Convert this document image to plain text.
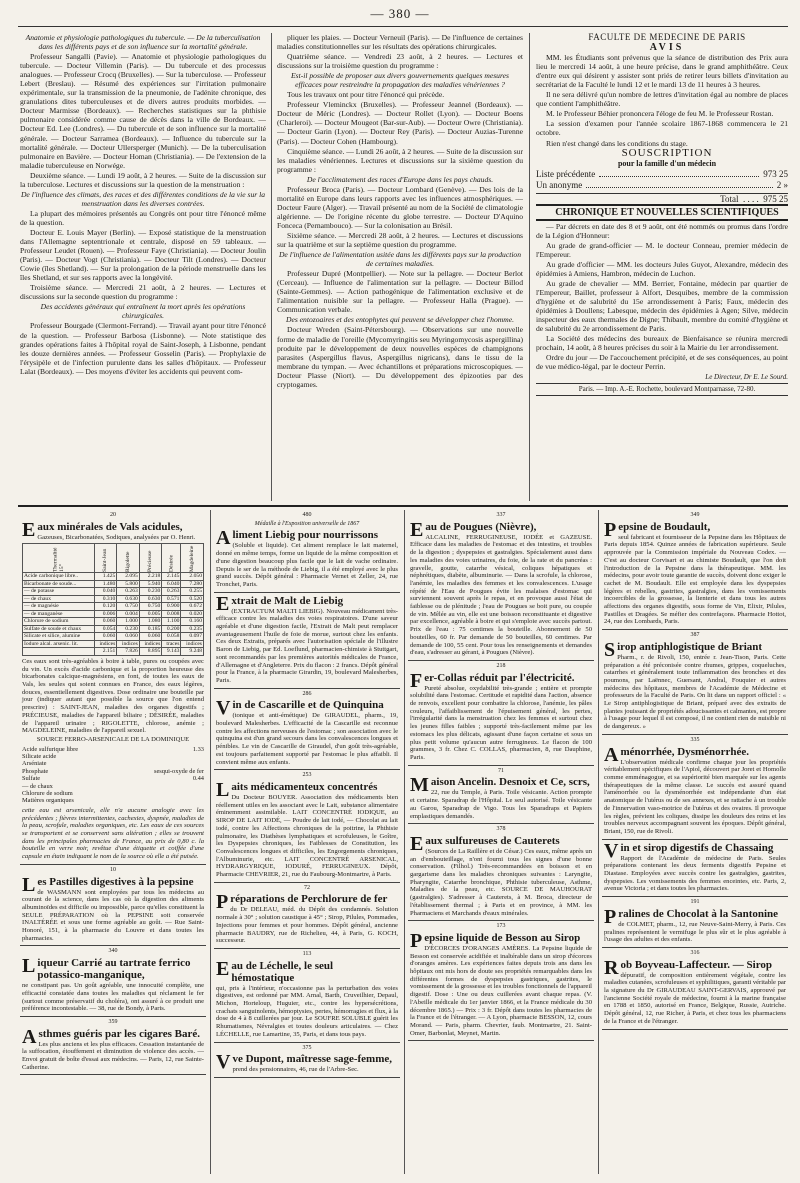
— 380 —

Anatomie et physiologie pathologiques du tubercule. — De la tuberculisation dans les différents pays et de son influence sur la mortalité générale.

Professeur Sangalli (Pavie). — Anatomie et physiologie pathologiques du tubercule. — Docteur Villemin (Paris). — Du tubercule et des processus analogues. — Professeur Crocq (Bruxelles). — Sur la tuberculose. — Professeur Lebert (Breslau). — Résumé des expériences sur l'irritation pulmonaire expérimentale, sur la transmission de la pneumonie, de l'adénite chronique, des granulations dites tuberculeuses et de divers autres produits morbides. — Docteur Marmisse (Bordeaux). — Recherches statistiques sur la phthisie pulmonaire considérée comme cause de décès dans la ville de Bordeaux. — Docteur Ed. Lee (Londres). — Du tubercule et de son influence sur la mortalité générale. — Docteur Sarramea (Bordeaux). — Influence du tubercule sur la mortalité générale. — Docteur Ullersperger (Munich). — De la tuberculisation pulmonaire en Bavière. — Docteur Homan (Christiania). — De l'extension de la maladie tuberculeuse en Norwége.

Deuxième séance. — Lundi 19 août, à 2 heures. — Suite de la discussion sur la tuberculose. Lectures et discussions sur la question de la menstruation :

De l'influence des climats, des races et des différentes conditions de la vie sur la menstruation dans les diverses contrées.

La plupart des mémoires présentés au Congrès ont pour titre l'énoncé même de la question.

Docteur E. Louis Mayer (Berlin). — Exposé statistique de la menstruation dans l'Allemagne septentrionale et centrale, disposé en 59 tableaux. — Professeur Leudet (Rouen). — Professeur Faye (Christiania). — Docteur Joulin (Paris). — Docteur Vogt (Christiania). — Docteur Tilt (Londres). — Docteur Cowie (îles Shetland). — Sur la prolongation de la période menstruelle dans les îles Shetland, et sur ses rapports avec la longévité.

Troisième séance. — Mercredi 21 août, à 2 heures. — Lectures et discussions sur la seconde question du programme :

Des accidents généraux qui entraînent la mort après les opérations chirurgicales.

Professeur Bourgade (Clermont-Ferrand). — Travail ayant pour titre l'énoncé de la question. — Professeur Barbosa (Lisbonne). — Note statistique des grandes opérations faites à l'hôpital royal de Saint-Joseph, à Lisbonne, pendant les douze dernières années. — Professeur Gosselin (Paris). — Prophylaxie de l'érysipèle et de l'infection purulente dans les salles d'hôpitaux. — Professeur Lalat (Bordeaux). — Des moyens d'éviter les accidents qui peuvent com-

pliquer les plaies. — Docteur Verneuil (Paris). — De l'influence de certaines maladies constitutionnelles sur les résultats des opérations chirurgicales.

Quatrième séance. — Vendredi 23 août, à 2 heures. — Lectures et discussions sur la troisième question du programme :

Est-il possible de proposer aux divers gouvernements quelques mesures efficaces pour restreindre la propagation des maladies vénériennes ?

Tous les travaux ont pour titre l'énoncé qui précède.

Professeur Vleminckx (Bruxelles). — Professeur Jeannel (Bordeaux). — Docteur de Méric (Londres). — Docteur Rollet (Lyon). — Docteur Boens (Charleroi). — Docteur Mougeot (Bar-sur-Aub). — Docteur Owre (Christiania). — Docteur Garin (Lyon). — Docteur Rey (Paris). — Docteur Auzias-Turenne (Paris). — Docteur Cohen (Hambourg).

Cinquième séance. — Lundi 26 août, à 2 heures. — Suite de la discussion sur les maladies vénériennes. Lectures et discussions sur la sixième question du programme :

De l'acclimatement des races d'Europe dans les pays chauds.

Professeur Broca (Paris). — Docteur Lombard (Genève). — Des lois de la mortalité en Europe dans leurs rapports avec les influences atmosphériques. — Docteur Faure (Alger). — Travail présenté au nom de la Société de climatologie algérienne. — De l'origine récente du globe terrestre. — Docteur D'Aquino Fonceca (Pernambouco). — Sur la colonisation au Brésil.

Sixième séance. — Mercredi 28 août, à 2 heures. — Lectures et discussions sur la quatrième et sur la septième question du programme.

De l'influence de l'alimentation usitée dans les différents pays sur la production de certaines maladies.

Professeur Dupré (Montpellier). — Note sur la pellagre. — Docteur Berlot (Cerceau). — Influence de l'alimentation sur la pellagre. — Docteur Billod (Sainte-Gemmes). — Action pathogénique de l'alimentation exclusive et de l'alimentation nuisible sur la pellagre. — Professeur Halla (Prague). — Communication verbale.

Des entozoaires et des entophytes qui peuvent se développer chez l'homme.

Docteur Wreden (Saint-Pétersbourg). — Observations sur une nouvelle forme de maladie de l'oreille (Mycomyringitis seu Myringomycosis aspergillina) produite par le développement de deux nouvelles espèces de champignons parasites (Aspergillus flavus, Aspergillus nigricans), dans le tissu de la membrane du tympan. — Avec échantillons et préparations microscopiques. — Docteur Plasse (Niort). — Du développement des épizooties par des cryptogames.

FACULTÉ DE MÉDECINE DE PARIS

AVIS

MM. les Étudiants sont prévenus que la séance de distribution des Prix aura lieu le mercredi 14 août, à une heure précise, dans le grand amphithéâtre. Ceux d'entre eux qui désirent y assister sont priés de retirer leurs billets d'invitation au secrétariat de la Faculté le lundi 12 et le mardi 13 de 11 heures à 3 heures.

Il ne sera délivré qu'un nombre de lettres d'invitation égal au nombre de places que contient l'amphithéâtre.

M. le Professeur Béhier prononcera l'éloge de feu M. le Professeur Rostan.

La session d'examen pour l'année scolaire 1867-1868 commencera le 21 octobre.

Rien n'est changé dans les conditions du stage.

SOUSCRIPTION

pour la famille d'un médecin

Liste précédente	973 25
Un anonyme	2 »
Total  . . . .  975 25

CHRONIQUE ET NOUVELLES SCIENTIFIQUES

— Par décrets en date des 8 et 9 août, ont été nommés ou promus dans l'ordre de la Légion d'Honneur:

Au grade de grand-officier — M. le docteur Conneau, premier médecin de l'Empereur.

Au grade d'officier — MM. les docteurs Jules Guyot, Alexandre, médecin des épidémies à Amiens, Hambron, médecin de Luchon.

Au grade de chevalier — MM. Berrier, Fontaine, médecin par quartier de l'Empereur, Baillet, professeur à Alfort, Desquibes, membre de la commission d'hygiène et de salubrité du 15e arrondissement à Paris; Faux, médecin des épidémies à Doullens; Labesque, médecin des épidémies à Agen; Silve, médecin inspecteur des eaux thermales de Digne; Thibault, membre du comité d'hygiène et de salubrité du 2e arrondissement de Paris.

La Société des médecins des bureaux de Bienfaisance se réunira mercredi prochain, 14 août, à 8 heures précises du soir à la Mairie du 1er arrondissement.

Ordre du jour — De l'accouchement précipité, et de ses conséquences, au point de vue médico-légal, par le docteur Perrin.

Le Directeur, Dr E. Le Sourd.

Paris. — Imp. A.-E. Rochette, boulevard Montparnasse, 72-80.

20
Eaux minérales de Vals acidules,

Gazeuses, Bicarbonatées, Sodiques, analysées par O. Henri.

Thermalité 15°	Saint-Jean	Rigolette	Précieuse	Désirée	Magdeleine
Acide carbonique libre..	1.425	2.095	2.218	2.145	2.050
Bicarbonate de soude...	1.480	5.800	5.940	6.040	7.280
— de potasse	0.040	0.263	0.230	0.263	0.255
— de chaux	0.310	0.630	0.630	0.571	0.520
— de magnésie	0.120	0.750	0.750	0.900	0.672
— de manganèse	0.006	0.004	0.005	0.008	0.020
Chlorure de sodium	0.060	1.000	1.080	1.100	0.160
Sulfate de soude et chaux	0.054	0.230	0.185	0.200	0.235
Silicate et silice, alumine	0.060	0.060	0.060	0.058	0.097
Iodure alcal. arsenic. lit.	indices	indices	indices	traces	indices
	2.151	7.826	8.895	9.143	9.248

Ces eaux sont très-agréables à boire à table, pures ou coupées avec du vin. Un excès d'acide carbonique et la proportion heureuse des bicarbonates calcique-magnésiens, en font, de toutes les eaux de Vals, les seules qui soient connues en France, des eaux légères, douces, essentiellement digestives. Dose ordinaire une bouteille par jour (indiquer autant que possible la source que l'on entend prescrire) : SAINT-JEAN, maladies des organes digestifs ; PRÉCIEUSE, maladies de l'appareil biliaire ; DÉSIRÉE, maladies de l'appareil urinaire ; RIGOLETTE, chlorose, anémie ; MAGDELEINE, maladies de l'appareil sexuel.

SOURCE FERRO-ARSENICALE DE LA DOMINIQUE
Acide sulfurique libre	1.33
Silicate acide
Arséniate
Phosphate	sesqui-oxyde de fer
Sulfate	0.44
— de chaux
Chlorure de sodium
Matières organiques

cette eau est arsenicale, elle n'a aucune analogie avec les précédentes ; fièvres intermittentes, cachexies, dyspnée, maladies de la peau, scrofule, maladies organiques, etc. Les eaux de ces sources se transportent et se conservent sans altération ; elles se trouvent dans les principales pharmacies de France, au prix de 0,80 c. la bouteille en verre noir, revêtue d'une étiquette et coiffée d'une capsule en étain indiquant le nom de la source où elle a été puisée.

10
Les Pastilles digestives à la pepsine

de WASMANN sont employées par tous les médecins au courant de la science, dans les cas où la digestion des aliments albuminoïdes est difficile ou impossible, parce qu'elles constituent la SEULE PRÉPARATION où la PEPSINE soit conservée INALTÉRÉE et sous une forme agréable au goût. — Rue Saint-Honoré, 151, à la pharmacie du Louvre et dans toutes les pharmacies.

340
Liqueur Carrié au tartrate ferrico potassico-manganique,

ne constipant pas. Un goût agréable, une innocuité complète, une efficacité constatée dans toutes les maladies qui réclament le fer (surtout comme préservatif du choléra), ont assuré à ce produit une préférence incontestable. — 38, rue de Bondy, à Paris.

359
Asthmes guéris par les cigares Baré.

Les plus anciens et les plus efficaces. Cessation instantanée de la suffocation, étouffement et diminution de violence des accès. — Envoi gratuit de boîte d'essai aux médecins. — Paris, 12, rue Sainte-Catherine.

480
Médaille à l'Exposition universelle de 1867
Aliment Liebig pour nourrissons

(Soluble et liquide). Cet aliment remplace le lait maternel, donné en même temps, forme un liquide de la même composition et d'une digestion beaucoup plus facile que le lait de vache ordinaire. Depuis le ser de la méthode de Liebig, il a été employé avec le plus grand succès. Dépôt général : Pharmacie Vernet et Zeller, 24, rue Tronchet, Paris.

Extrait de Malt de Liebig

(EXTRACTUM MALTI LIEBIG). Nouveau médicament très-efficace contre les maladies des voies respiratoires. D'une saveur agréable et d'une digestion facile, l'Extrait de Malt peut remplacer avantageusement l'huile de foie de morue, surtout chez les enfants. Ces deux Extraits, préparés avec l'autorisation spéciale de l'illustre Baron de Liebig, par Ed. Loeflund, pharmacien-chimiste à Stuttgart, sont recommandés par les premières autorités médicales de France, d'Allemagne et d'Angleterre. Prix du flacon : 2 francs. Dépôt général pour la France, à la pharmacie Girardin, 19, boulevard Malesherbes, Paris.

286
Vin de Cascarille et de Quinquina

(tonique et anti-émétique) De GIRAUDEL, pharm., 19, boulevard Malesherbes. L'efficacité de la Cascarille est reconnue contre les affections nerveuses de l'estomac ; son association avec le quinquina est d'un grand secours dans les convalescences longues et pénibles. Le vin de Cascarille de Giraudel, d'un goût très-agréable, est toujours parfaitement supporté par l'estomac le plus affaibli. Il convient même aux enfants.

253
Laits médicamenteux concentrés

Du Docteur BOUYER. Association des médicaments bien réellement utiles en les associant avec le Lait, substance alimentaire éminemment assimilable. LAIT CONCENTRÉ IODIQUE, au SIROP DE LAIT IODÉ, — Poudre de lait iodé, — Chocolat au lait iodé, contre les Affections chroniques de la poitrine, la Phthisie pulmonaire, les Diathèses lymphatiques et scrofuleuses, le Goître, les Dyspepsies chroniques, les Faiblesses de Constitution, les Convalescences longues et difficiles, les Engorgements chroniques, l'Albuminurie, etc. LAIT CONCENTRÉ ARSENICAL, HYDRARGYRIQUE, IODURÉ, FERRUGINEUX. Dépôt, Pharmacie CHEVRIER, 21, rue du Faubourg-Montmartre, à Paris.

72
Préparations de Perchlorure de fer

du Dr DELEAU, méd. du Dépôt des condamnés. Solution normale à 30° ; solution caustique à 45° ; Sirop, Pilules, Pommades, Injections pour femmes et pour hommes. Dépôt général, ancienne pharmacie BAUDRY, rue de Richelieu, 44, à Paris, G. KOCH, successeur.

113
Eau de Léchelle, le seul hémostatique

qui, pris à l'intérieur, n'occasionne pas la perturbation des voies digestives, est ordonné par MM. Arnal, Barth, Cruveilhier, Depaul, Michon, Horteloup, Huguier, etc., contre les hypersécrétions, crachats sanguinolents, hémoptysies, pertes, hémorragies et flux, à la dose de 4 à 8 cuillerées par jour. Le SOUFRE SOLUBLE guérit les Rhumatismes, Névralgies et toutes douleurs articulaires. — Chez LÉCHELLE, rue Lamartine, 35, Paris, et dans tous pays.

375
Vve Dupont, maîtresse sage-femme,

prend des pensionnaires, 46, rue de l'Arbre-Sec.

337
Eau de Pougues (Nièvre),

ALCALINE, FERRUGINEUSE, IODÉE et GAZEUSE. Efficace dans les maladies de l'estomac et des intestins, et troubles de la digestion ; dyspepsies et gastralgies. Spécialement aussi dans les maladies des voies urinaires, du foie, de la rate et du pancréas : gravelle, goutte, catarrhe vésical, coliques hépatiques et néphrétiques, diabète, albuminurie. — Dans la scrofule, la chlorose, l'anémie, les maladies des femmes et les convalescences. L'usage répété de l'Eau de Pougues évite les malaises d'estomac qui surviennent souvent après le repas, et en provoque aussi l'état de faiblesse ou de plénitude ; l'eau de Pougues se boit pure, ou coupée de vin. Mêlée au vin, elle est une boisson reconstituante et digestive par excellence, agréable à boire et qui s'emploie avec succès partout. Prix de l'eau : 75 centimes la bouteille. Abonnement de 50 bouteilles, 60 fr. Par demande de 50 bouteilles, 60 centimes. Par demande de 100, 55 cent. Pour tous les renseignements et demandes d'eau, s'adresser au gérant, à Pougues (Nièvre).

218
Fer-Collas réduit par l'électricité.

Pureté absolue, oxydabilité très-grande ; entière et prompte solubilité dans l'estomac. Certitude et rapidité dans l'action, absence de renvois, excellent pour combattre la chlorose, l'anémie, les pâles couleurs, l'affaiblissement de l'épuisement général, les pertes, l'irrégularité dans la menstruation chez les femmes et surtout chez les jeunes filles faibles ; supporté très-facilement même par les estomacs les plus délicats, agissant d'une façon certaine et sous un plus petit volume qu'aucun autre ferrugineux. Le flacon de 100 grammes, 3 fr. Chez C. COLLAS, pharmacien, 8, rue Dauphine, Paris.

71
Maison Ancelin. Desnoix et Ce, scrs,

22, rue du Temple, à Paris. Toile vésicante. Action prompte et certaine. Sparadrap de l'Hôpital. Le seul autorisé. Toile vésicante au Garou, Sparadrap de Vigo. Tous les Sparadraps et Papiers emplastiques demandés.

378
Eaux sulfureuses de Cauterets

(Sources de La Raillère et de César.) Ces eaux, même après un an d'embouteillage, n'ont fourni tous les signes d'une bonne conservation. (Filhol.) Très-recommandées en boisson et en gargarisme dans les maladies chroniques suivantes : Laryngite, Pharyngite, Catarrhe bronchique, Phthisie tuberculeuse, Asthme, Maladies de la peau, etc. SOURCE DE MAUHOURAT (gastralgies). S'adresser à Cauterets, à M. Broca, directeur de l'établissement thermal ; à Paris et en province, à MM. les Pharmaciens et Marchands d'eaux minérales.

173
Pepsine liquide de Besson au Sirop

D'ÉCORCES D'ORANGES AMÈRES. La Pepsine liquide de Besson est conservée acidifiée et inaltérable dans un sirop d'écorces d'oranges amères. Les expériences faites depuis trois ans dans les hôpitaux ont mis hors de doute ses propriétés remarquables dans les différentes formes de dyspepsies gastriques, gastrites, le vomissement de la grossesse et les troubles fonctionnels de l'appareil digestif. Dose : Une ou deux cuillerées avant chaque repas. (V. l'Abeille médicale du 1er janvier 1866, et la France médicale du 30 décembre 1865.) — Prix : 3 fr. Dépôt dans toutes les pharmacies de la France et de l'étranger. — A Lyon, pharmacie BESSON, 12, cours Morand. — Paris, pharm. Chevrier, faub. Montmartre, 21. Saint-Omer, Barbonlat, Meynet, Martin.

349
Pepsine de Boudault,

seul fabricant et fournisseur de la Pepsine dans les Hôpitaux de Paris depuis 1854. Quinze années de fabrication supérieure. Seule approuvée par la Commission impériale du Nouveau Codex. — C'est au docteur Corvisart et au chimiste Boudault, que l'on doit l'introduction de la Pepsine dans la thérapeutique. MM. les médecins, pour avoir toute garantie de succès, doivent donc exiger le cachet de M. Boudault. Elle est employée dans les dyspepsies légères et rebelles, gastrites, gastralgies, dans les vomissements incoercibles de la grossesse, la lienterie et dans tous les autres affections des organes digestifs, sous forme de Vin, Elixir, Pilules, Pastilles et Dragées. Se méfier des contrefaçons. Pharmacie Hottot, 24, rue des Lombards, Paris.

387
Sirop antiphlogistique de Briant

Pharm., r. de Rivoli, 150, entrée r. Jean-Tison, Paris. Cette préparation a été préconisée contre rhumes, grippes, coqueluches, catarrhes et généralement toute inflammation des bronches et des poumons, par Laënnec, Guersant, Andral, Fouquier et autres médecins des hôpitaux, membres de l'Académie de Médecine et professeurs de la Faculté de Paris. On lit dans un rapport officiel : « Le Sirop antiphlogistique de Briant, préparé avec des extraits de plantes jouissant de propriétés adoucissantes et calmantes, est propre à l'usage pour lequel il est composé, il ne contient rien de nuisible ni de dangereux. »

335
Aménorrhée, Dysménorrhée.

L'observation médicale confirme chaque jour les propriétés véritablement spécifiques de l'Apiol, découvert par Joret et Homolle comme emménagogue, et sa supériorité bien marquée sur les agents thérapeutiques de la même classe. Le succès est assuré quand l'aménorrhée ou la dysménorrhée est indépendante d'un état anatomique de l'utérus ou de ses annexes, et se rattache à un trouble de l'innervation vaso-motrice de l'utérus et des ovaires. Il provoque les règles, prévient les coliques, dissipe les douleurs des reins et les troubles nerveux accompagnant souvent les époques. Dépôt général, Briant, 150, rue de Rivoli.

Vin et sirop digestifs de Chassaing

Rapport de l'Académie de médecine de Paris. Seules préparations contenant les deux ferments digestifs Pepsine et Diastase. Employées avec succès contre les gastralgies, gastrites, dyspepsies. Les vomissements des femmes enceintes, etc. Paris, 2, avenue Victoria ; et dans toutes les pharmacies.

191
Pralines de Chocolat à la Santonine

de COLMET, pharm., 12, rue Neuve-Saint-Merry, à Paris. Ces pralines représentent le vermifuge le plus sûr et le plus agréable à l'usage des adultes et des enfants.

316
Rob Boyveau-Laffecteur. — Sirop

dépuratif, de composition entièrement végétale, contre les maladies cutanées, scrofuleuses et syphilitiques, garanti véritable par la signature du Dr GIRAUDEAU SAINT-GERVAIS, approuvé par l'ancienne Société royale de médecine, fourni à la marine française en 1788 et 1850, autorisé en France, Belgique, Russie, Autriche. Dépôt général, 12, rue Richer, à Paris, et chez tous les pharmaciens de la France et de l'étranger.
